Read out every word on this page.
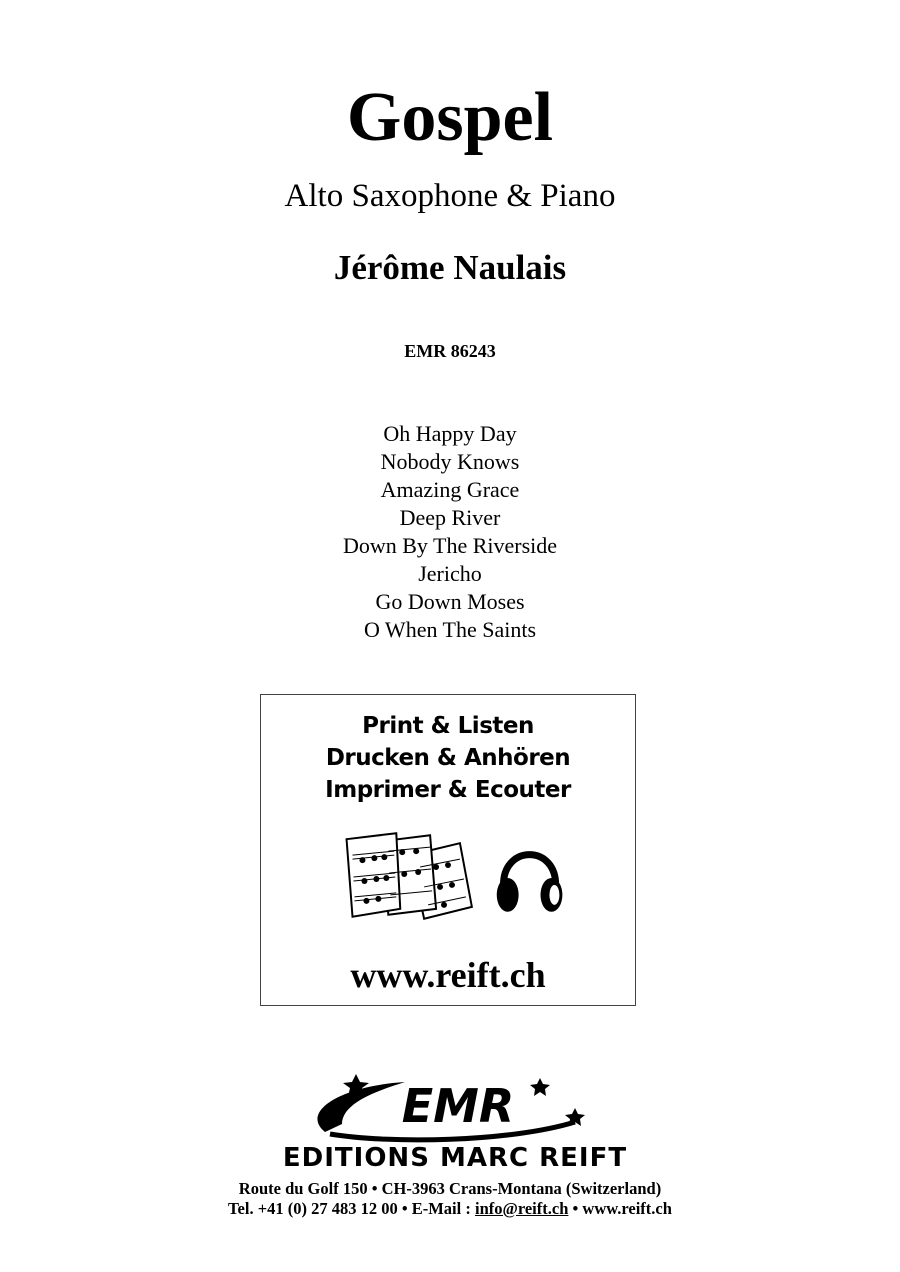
Gospel
Alto Saxophone & Piano
Jérôme Naulais
EMR 86243
Oh Happy Day
Nobody Knows
Amazing Grace
Deep River
Down By The Riverside
Jericho
Go Down Moses
O When The Saints
Print & Listen
Drucken & Anhören
Imprimer & Ecouter
www.reift.ch
EMR
EDITIONS MARC REIFT
Route du Golf 150 • CH-3963 Crans-Montana (Switzerland)
Tel. +41 (0) 27 483 12 00 • E-Mail : info@reift.ch • www.reift.ch
